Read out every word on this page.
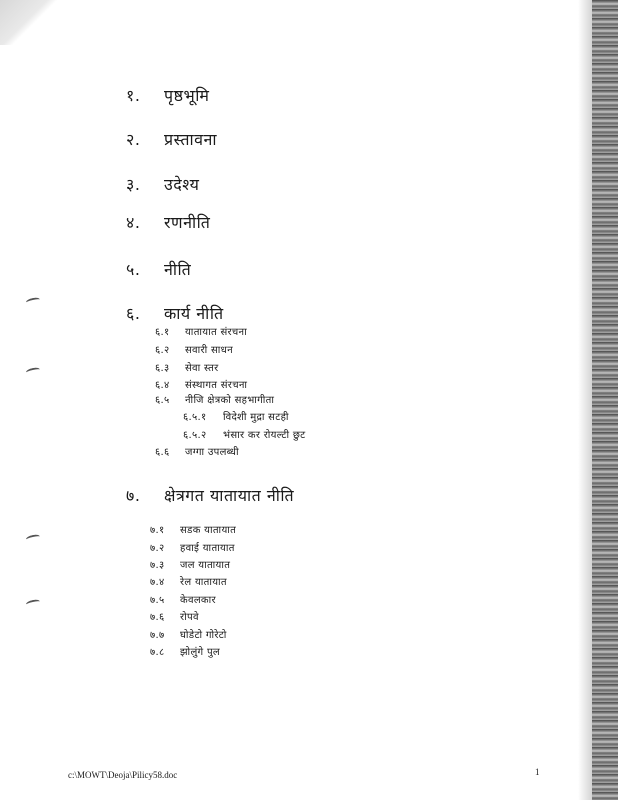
१. पृष्ठभूमि
२. प्रस्तावना
३. उदेश्य
४. रणनीति
५. नीति
६. कार्य नीति
६.१ यातायात संरचना
६.२ सवारी साधन
६.३ सेवा स्तर
६.४ संस्थागत संरचना
६.५ नीजि क्षेत्रको सहभागीता
६.५.१ विदेशी मुद्रा सटही
६.५.२ भंसार कर रोयल्टी छुट
६.६ जग्गा उपलब्धी
७. क्षेत्रगत यातायात नीति
७.१ सडक यातायात
७.२ हवाई यातायात
७.३ जल यातायात
७.४ रेल यातायात
७.५ केवलकार
७.६ रोपवे
७.७ घोडेटो गोरेटो
७.८ झोलुंगे पुल
c:\MOWT\Deoja\Pilicy58.doc	1
